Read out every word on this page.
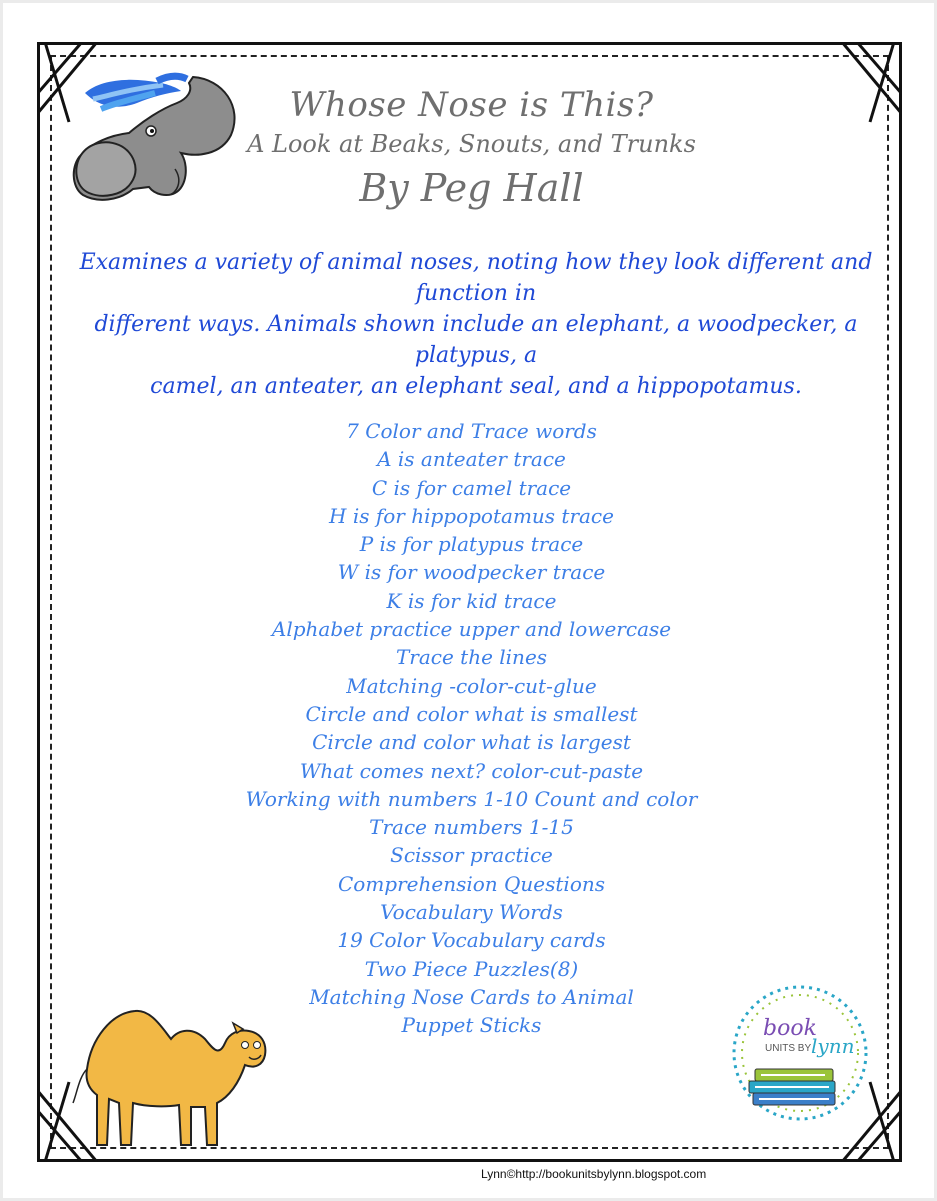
Whose Nose is This?
A Look at Beaks, Snouts, and Trunks
By Peg Hall
Examines a variety of animal noses, noting how they look different and function in
different ways. Animals shown include an elephant, a woodpecker, a platypus, a
camel, an anteater, an elephant seal, and a hippopotamus.
7 Color and Trace words
A is anteater trace
C is for camel trace
H is for hippopotamus trace
P is for platypus trace
W is for woodpecker trace
K is for kid trace
Alphabet practice upper and lowercase
Trace the lines
Matching -color-cut-glue
Circle and color what is smallest
Circle and color what is largest
What comes next? color-cut-paste
Working with numbers 1-10 Count and color
Trace numbers 1-15
Scissor practice
Comprehension Questions
Vocabulary Words
19 Color Vocabulary cards
Two Piece Puzzles(8)
Matching Nose Cards to Animal
Puppet Sticks	book
UNITS BY lynn
Lynn©http://bookunitsbylynn.blogspot.com
